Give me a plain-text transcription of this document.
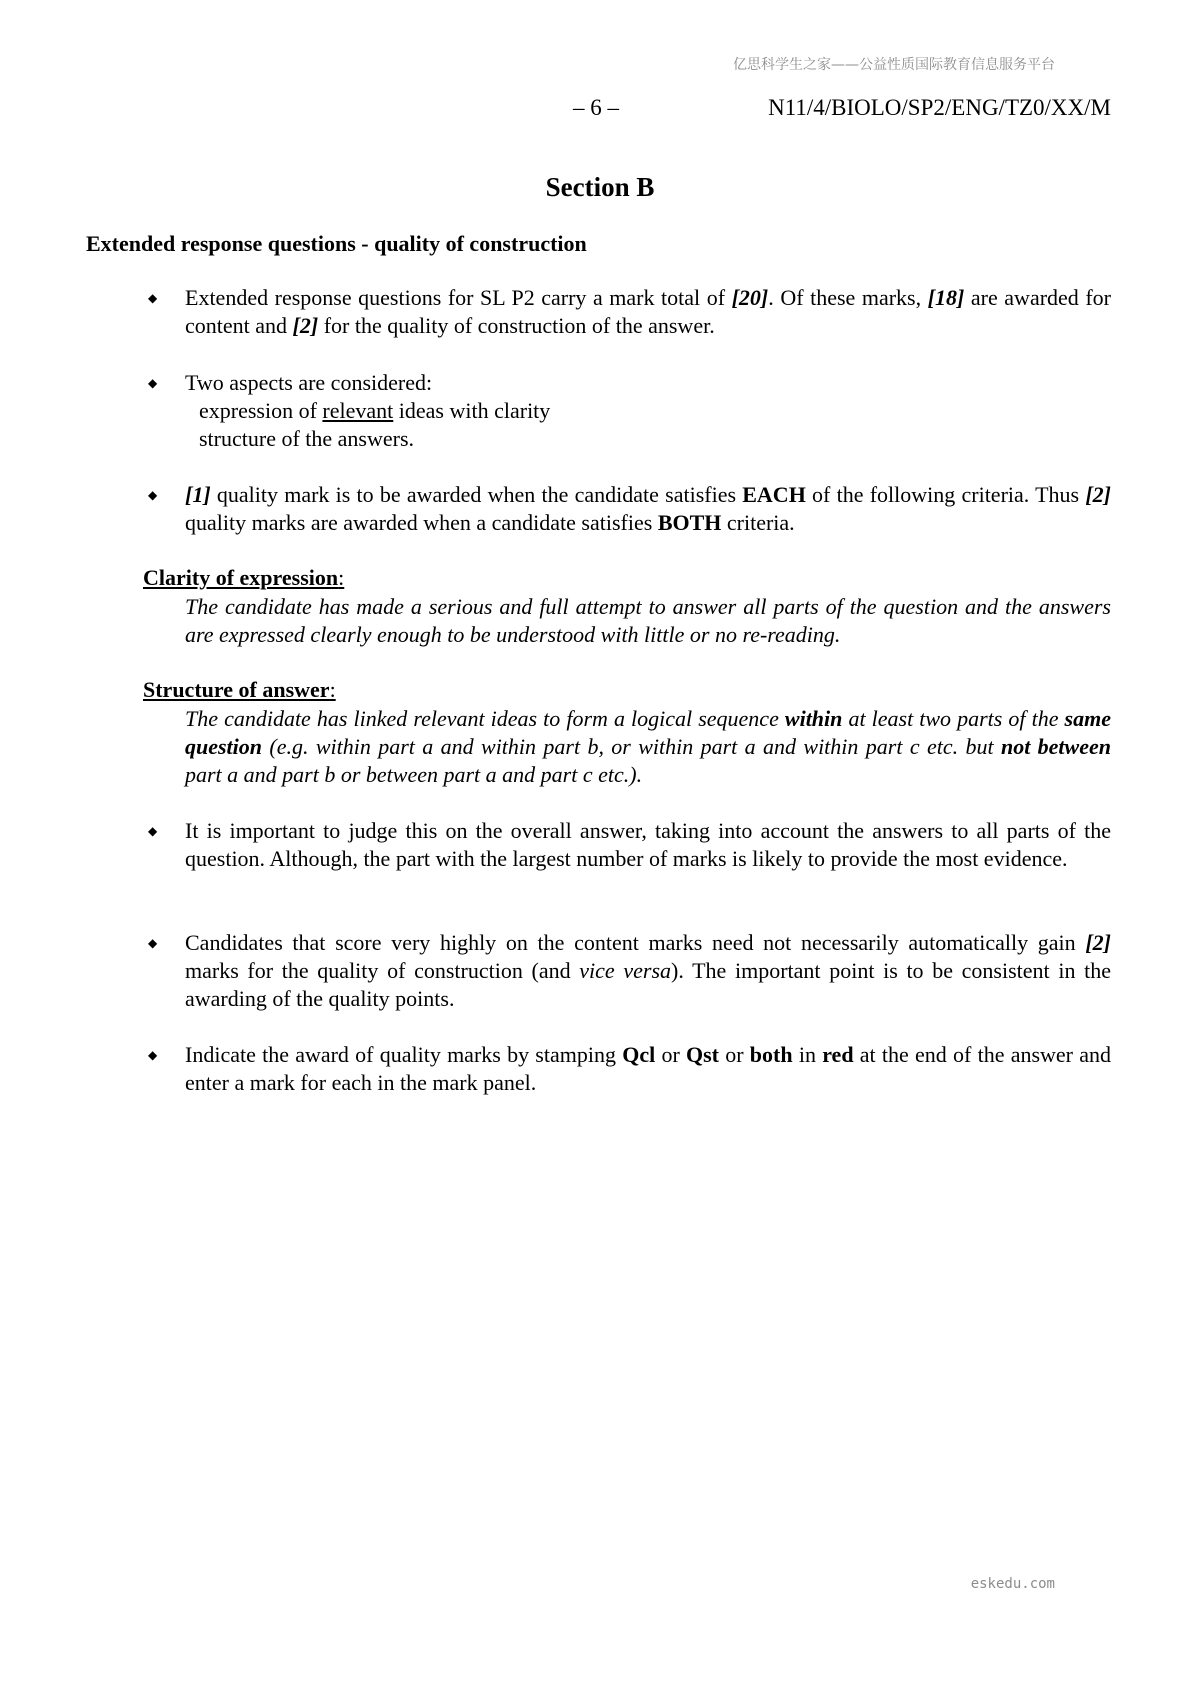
亿思科学生之家——公益性质国际教育信息服务平台
– 6 –	N11/4/BIOLO/SP2/ENG/TZ0/XX/M
Section B
Extended response questions - quality of construction
◆ Extended response questions for SL P2 carry a mark total of [20]. Of these marks, [18] are awarded for content and [2] for the quality of construction of the answer.
◆ Two aspects are considered:
expression of relevant ideas with clarity
structure of the answers.
◆ [1] quality mark is to be awarded when the candidate satisfies EACH of the following criteria. Thus [2] quality marks are awarded when a candidate satisfies BOTH criteria.
Clarity of expression:
The candidate has made a serious and full attempt to answer all parts of the question and the answers are expressed clearly enough to be understood with little or no re-reading.
Structure of answer:
The candidate has linked relevant ideas to form a logical sequence within at least two parts of the same question (e.g. within part a and within part b, or within part a and within part c etc. but not between part a and part b or between part a and part c etc.).
◆ It is important to judge this on the overall answer, taking into account the answers to all parts of the question. Although, the part with the largest number of marks is likely to provide the most evidence.
◆ Candidates that score very highly on the content marks need not necessarily automatically gain [2] marks for the quality of construction (and vice versa). The important point is to be consistent in the awarding of the quality points.
◆ Indicate the award of quality marks by stamping Qcl or Qst or both in red at the end of the answer and enter a mark for each in the mark panel.
eskedu.com
